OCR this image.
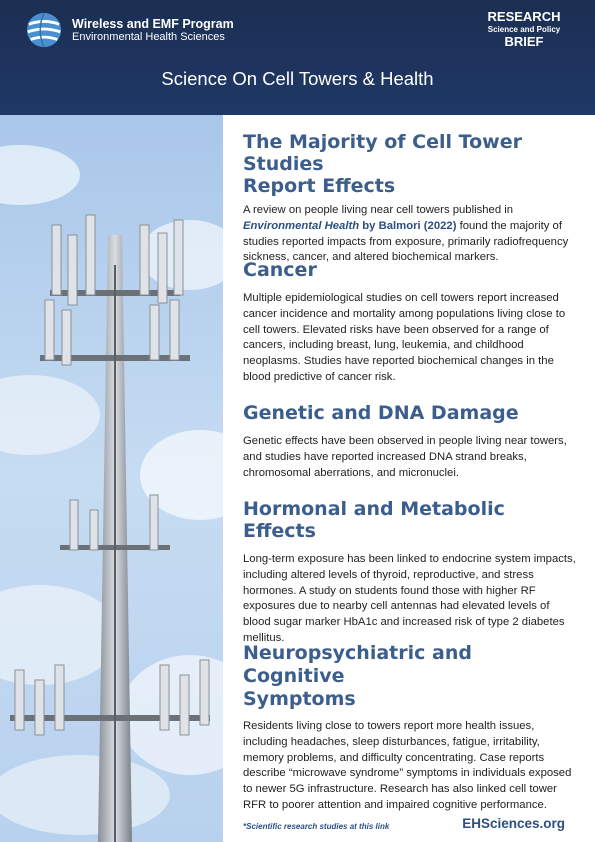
Wireless and EMF Program
Environmental Health Sciences
RESEARCH
Science and Policy
BRIEF
Science On Cell Towers & Health
The Majority of Cell Tower Studies
Report Effects

A review on people living near cell towers published in
Environmental Health by Balmori (2022) found the majority of studies reported impacts from exposure, primarily radiofrequency sickness, cancer, and altered biochemical markers.

Cancer

Multiple epidemiological studies on cell towers report increased cancer incidence and mortality among populations living close to cell towers. Elevated risks have been observed for a range of cancers, including breast, lung, leukemia, and childhood neoplasms. Studies have reported biochemical changes in the blood predictive of cancer risk.

Genetic and DNA Damage

Genetic effects have been observed in people living near towers, and studies have reported increased DNA strand breaks, chromosomal aberrations, and micronuclei.

Hormonal and Metabolic Effects

Long-term exposure has been linked to endocrine system impacts, including altered levels of thyroid, reproductive, and stress hormones. A study on students found those with higher RF exposures due to nearby cell antennas had elevated levels of blood sugar marker HbA1c and increased risk of type 2 diabetes mellitus.

Neuropsychiatric and Cognitive
Symptoms

Residents living close to towers report more health issues, including headaches, sleep disturbances, fatigue, irritability, memory problems, and difficulty concentrating. Case reports describe “microwave syndrome” symptoms in individuals exposed to newer 5G infrastructure. Research has also linked cell tower RFR to poorer attention and impaired cognitive performance.

*Scientific research studies at this link	EHSciences.org
